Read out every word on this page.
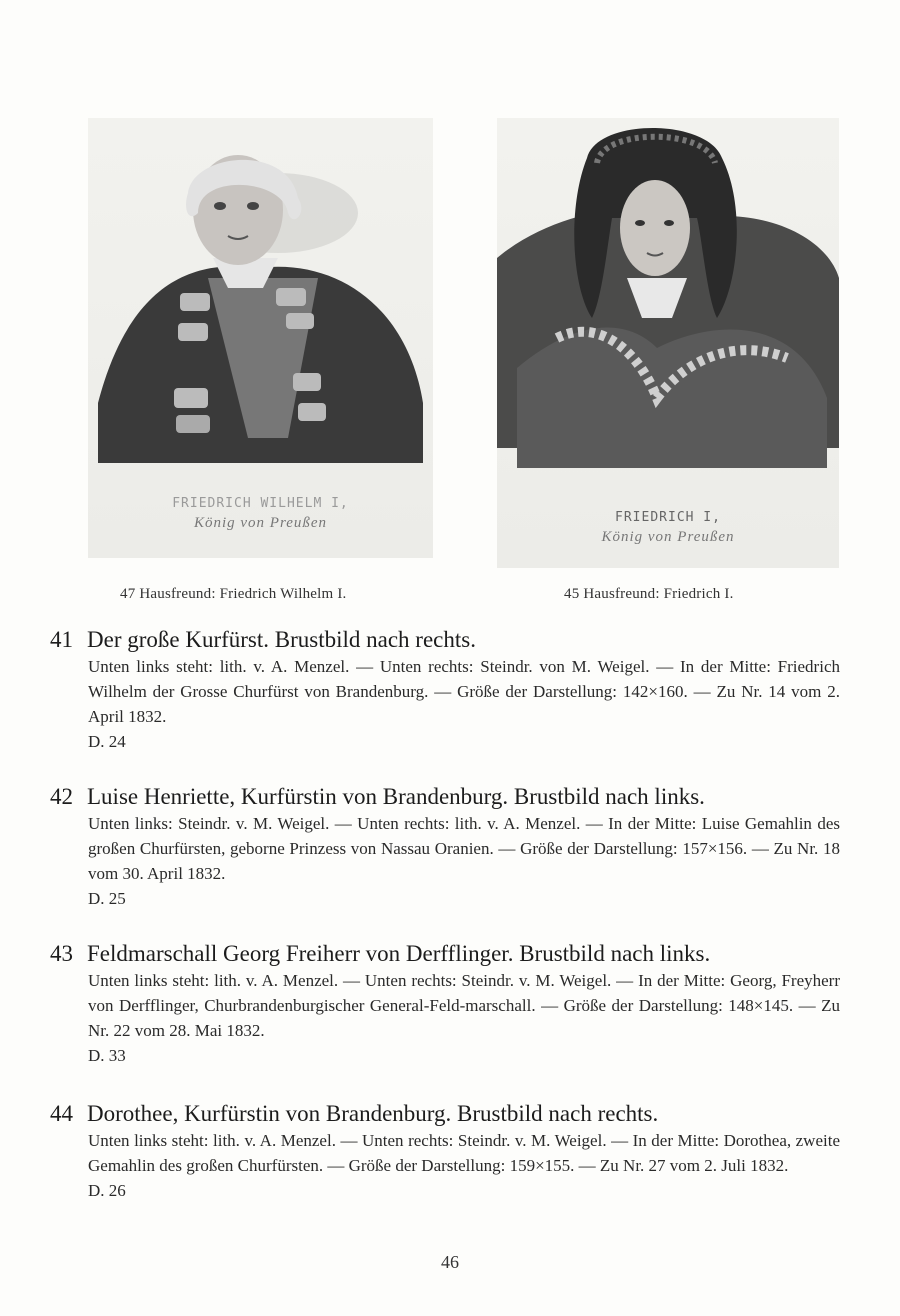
FRIEDRICH WILHELM I,
König von Preußen	FRIEDRICH I,
König von Preußen
47 Hausfreund: Friedrich Wilhelm I.	45 Hausfreund: Friedrich I.
41 Der große Kurfürst. Brustbild nach rechts.
Unten links steht: lith. v. A. Menzel. — Unten rechts: Steindr. von M. Weigel. — In der Mitte: Friedrich Wilhelm der Grosse Churfürst von Brandenburg. — Größe der Darstellung: 142×160. — Zu Nr. 14 vom 2. April 1832.
D. 24
42 Luise Henriette, Kurfürstin von Brandenburg. Brustbild nach links.
Unten links: Steindr. v. M. Weigel. — Unten rechts: lith. v. A. Menzel. — In der Mitte: Luise Gemahlin des großen Churfürsten, geborne Prinzess von Nassau Oranien. — Größe der Darstellung: 157×156. — Zu Nr. 18 vom 30. April 1832.
D. 25
43 Feldmarschall Georg Freiherr von Derfflinger. Brustbild nach links.
Unten links steht: lith. v. A. Menzel. — Unten rechts: Steindr. v. M. Weigel. — In der Mitte: Georg, Freyherr von Derfflinger, Churbrandenburgischer General-Feld-marschall. — Größe der Darstellung: 148×145. — Zu Nr. 22 vom 28. Mai 1832.
D. 33
44 Dorothee, Kurfürstin von Brandenburg. Brustbild nach rechts.
Unten links steht: lith. v. A. Menzel. — Unten rechts: Steindr. v. M. Weigel. — In der Mitte: Dorothea, zweite Gemahlin des großen Churfürsten. — Größe der Darstellung: 159×155. — Zu Nr. 27 vom 2. Juli 1832.
D. 26
46
